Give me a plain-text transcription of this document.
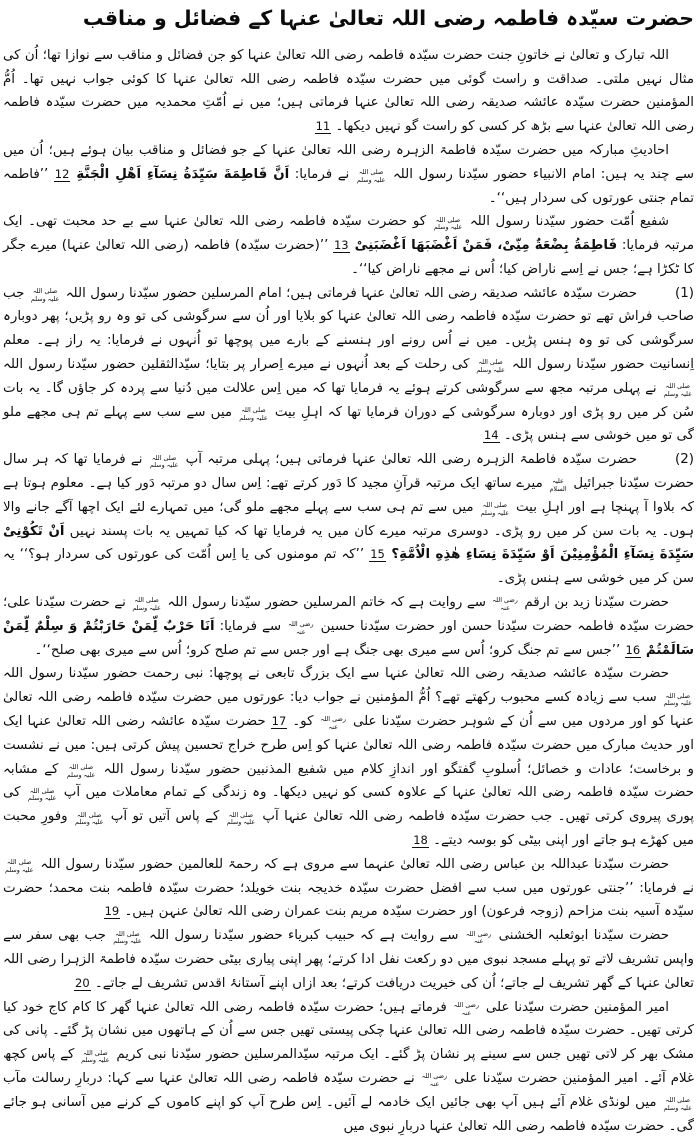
حضرت سیّدہ فاطمہ رضی اللہ تعالیٰ عنہا کے فضائل و مناقب

اللہ تبارک و تعالیٰ نے خاتونِ جنت حضرت سیّدہ فاطمہ رضی اللہ تعالیٰ عنہا کو جن فضائل و مناقب سے نوازا تھا؛ اُن کی مثال نہیں ملتی۔ صداقت و راست گوئی میں حضرت سیّدہ فاطمہ رضی اللہ تعالیٰ عنہا کا کوئی جواب نہیں تھا۔ اُمُّ المؤمنین حضرت سیّدہ عائشہ صدیقہ رضی اللہ تعالیٰ عنہا فرماتی ہیں؛ میں نے اُمّتِ محمدیہ میں حضرت سیّدہ فاطمہ رضی اللہ تعالیٰ عنہا سے بڑھ کر کسی کو راست گو نہیں دیکھا۔ 11

احادیثِ مبارکہ میں حضرت سیّدہ فاطمۃ الزہرہ رضی اللہ تعالیٰ عنہا کے جو فضائل و مناقب بیان ہوئے ہیں؛ اُن میں سے چند یہ ہیں: امام الانبیاء حضور سیّدنا رسول اللہ
صلی اللہ
علیہ وسلم
نے فرمایا: اَنَّ فَاطِمَةَ سَیِّدَةُ نِسَآءِ اَهْلِ الْجَنَّةِ 12 ’’فاطمہ تمام جنتی عورتوں کی سردار ہیں‘‘۔

شفیع اُمّت حضور سیّدنا رسول اللہ
صلی اللہ
علیہ وسلم
کو حضرت سیّدہ فاطمہ رضی اللہ تعالیٰ عنہا سے بے حد محبت تھی۔ ایک مرتبہ فرمایا: فَاطِمَةُ بِضْعَةٌ مِنِّیْ، فَمَنْ اَغْضَبَهَا اَغْضَبَنِیْ 13 ’’(حضرت سیّدہ) فاطمہ (رضی اللہ تعالیٰ عنہا) میرے جگر کا ٹکڑا ہے؛ جس نے اِسے ناراض کیا؛ اُس نے مجھے ناراض کیا‘‘۔

(1)حضرت سیّدہ عائشہ صدیقہ رضی اللہ تعالیٰ عنہا فرماتی ہیں؛ امام المرسلین حضور سیّدنا رسول اللہ
صلی اللہ
علیہ وسلم
جب صاحب فراش تھے تو حضرت سیّدہ فاطمہ رضی اللہ تعالیٰ عنہا کو بلایا اور اُن سے سرگوشی کی تو وہ رو پڑیں؛ پھر دوبارہ سرگوشی کی تو وہ ہنس پڑیں۔ میں نے اُس رونے اور ہنسنے کے بارے میں پوچھا تو اُنہوں نے فرمایا: یہ راز ہے۔ معلم اِنسانیت حضور سیّدنا رسول اللہ
صلی اللہ
علیہ وسلم
کی رحلت کے بعد اُنہوں نے میرے اِصرار پر بتایا؛ سیّدالثقلین حضور سیّدنا رسول اللہ
صلی اللہ
علیہ وسلم
نے پہلی مرتبہ مجھ سے سرگوشی کرتے ہوئے یہ فرمایا تھا کہ میں اِس علالت میں دُنیا سے پردہ کر جاؤں گا۔ یہ بات سُن کر میں رو پڑی اور دوبارہ سرگوشی کے دوران فرمایا تھا کہ اہلِ بیت
صلی اللہ
علیہ وسلم
میں سے سب سے پہلے تم ہی مجھے ملو گی تو میں خوشی سے ہنس پڑی۔ 14

(2)حضرت سیّدہ فاطمۃ الزہرہ رضی اللہ تعالیٰ عنہا فرماتی ہیں؛ پہلی مرتبہ آپ
صلی اللہ
علیہ وسلم
نے فرمایا تھا کہ ہر سال حضرت سیّدنا جبرائیل
علیہ
السلام
میرے ساتھ ایک مرتبہ قرآنِ مجید کا دَور کرتے تھے: اِس سال دو مرتبہ دَور کیا ہے۔ معلوم ہوتا ہے کہ بلاوا آ پہنچا ہے اور اہلِ بیت
صلی اللہ
علیہ وسلم
میں سے تم ہی سب سے پہلے مجھے ملو گی؛ میں تمہارے لئے ایک اچھا آگے جانے والا ہوں۔ یہ بات سن کر میں رو پڑی۔ دوسری مرتبہ میرے کان میں یہ فرمایا تھا کہ کیا تمہیں یہ بات پسند نہیں اَنْ تَكُوْنِیْ سَیِّدَةَ نِسَآءِ الْمُؤْمِنِیْنَ اَوْ سَیِّدَةَ نِسَاءِ هٰذِهِ الْاُمَّةِ؟ 15 ’’کہ تم مومنوں کی یا اِس اُمّت کی عورتوں کی سردار ہو؟‘‘ یہ سن کر میں خوشی سے ہنس پڑی۔

حضرت سیّدنا زید بن ارقم
رضی اللہ
عنہ
سے روایت ہے کہ خاتم المرسلین حضور سیّدنا رسول اللہ
صلی اللہ
علیہ وسلم
نے حضرت سیّدنا علی؛ حضرت سیّدہ فاطمہ حضرت سیّدنا حسن اور حضرت سیّدنا حسین
رضی اللہ
عنہ
سے فرمایا: اَنَا حَرْبٌ لِّمَنْ حَارَبْتُمْ وَ سِلْمٌ لِّمَنْ سَالَمْتُمْ 16 ’’جس سے تم جنگ کرو؛ اُس سے میری بھی جنگ ہے اور جس سے تم صلح کرو؛ اُس سے میری بھی صلح‘‘۔

حضرت سیّدہ عائشہ صدیقہ رضی اللہ تعالیٰ عنہا سے ایک بزرگ تابعی نے پوچھا: نبی رحمت حضور سیّدنا رسول اللہ
صلی اللہ
علیہ وسلم
سب سے زیادہ کسے محبوب رکھتے تھے؟ اُمُّ المؤمنین نے جواب دیا: عورتوں میں حضرت سیّدہ فاطمہ رضی اللہ تعالیٰ عنہا کو اور مردوں میں سے اُن کے شوہر حضرت سیّدنا علی
رضی اللہ
عنہ
کو۔ 17 حضرت سیّدہ عائشہ رضی اللہ تعالیٰ عنہا ایک اور حدیث مبارک میں حضرت سیّدہ فاطمہ رضی اللہ تعالیٰ عنہا کو اِس طرح خراج تحسین پیش کرتی ہیں: میں نے نشست و برخاست؛ عادات و خصائل؛ اُسلوبِ گفتگو اور اندازِ کلام میں شفیع المذنبین حضور سیّدنا رسول اللہ
صلی اللہ
علیہ وسلم
کے مشابہ حضرت سیّدہ فاطمہ رضی اللہ تعالیٰ عنہا کے علاوہ کسی کو نہیں دیکھا۔ وہ زندگی کے تمام معاملات میں آپ
صلی اللہ
علیہ وسلم
کی پوری پیروی کرتی تھیں۔ جب حضرت سیّدہ فاطمہ رضی اللہ تعالیٰ عنہا آپ
صلی اللہ
علیہ وسلم
کے پاس آتیں تو آپ
صلی اللہ
علیہ وسلم
وفورِ محبت میں کھڑے ہو جاتے اور اپنی بیٹی کو بوسہ دیتے۔ 18

حضرت سیّدنا عبداللہ بن عباس رضی اللہ تعالیٰ عنہما سے مروی ہے کہ رحمۃ للعالمین حضور سیّدنا رسول اللہ
صلی اللہ
علیہ وسلم
نے فرمایا: ’’جنتی عورتوں میں سب سے افضل حضرت سیّدہ خدیجہ بنت خویلد؛ حضرت سیّدہ فاطمہ بنت محمد؛ حضرت سیّدہ آسیہ بنت مزاحم (زوجہ فرعون) اور حضرت سیّدہ مریم بنت عمران رضی اللہ تعالیٰ عنہن ہیں۔ 19

حضرت سیّدنا ابوثعلبہ الخشنی
رضی اللہ
عنہ
سے روایت ہے کہ حبیب کبریاء حضور سیّدنا رسول اللہ
صلی اللہ
علیہ وسلم
جب بھی سفر سے واپس تشریف لاتے تو پہلے مسجد نبوی میں دو رکعت نفل ادا کرتے؛ پھر اپنی پیاری بیٹی حضرت سیّدہ فاطمۃ الزہرا رضی اللہ تعالیٰ عنہا کے گھر تشریف لے جاتے؛ اُن کی خیریت دریافت کرتے؛ بعد ازاں اپنے آستانۂ اقدس تشریف لے جاتے۔ 20

امیر المؤمنین حضرت سیّدنا علی
رضی اللہ
عنہ
فرماتے ہیں؛ حضرت سیّدہ فاطمہ رضی اللہ تعالیٰ عنہا گھر کا کام کاج خود کیا کرتی تھیں۔ حضرت سیّدہ فاطمہ رضی اللہ تعالیٰ عنہا چکی پیستی تھیں جس سے اُن کے ہاتھوں میں نشان پڑ گئے۔ پانی کی مشک بھر کر لاتی تھیں جس سے سینے پر نشان پڑ گئے۔ ایک مرتبہ سیّدالمرسلین حضور سیّدنا نبی کریم
صلی اللہ
علیہ وسلم
کے پاس کچھ غلام آئے۔ امیر المؤمنین حضرت سیّدنا علی
رضی اللہ
عنہ
نے حضرت سیّدہ فاطمہ رضی اللہ تعالیٰ عنہا سے کہا: دربارِ رسالت مآب
صلی اللہ
علیہ وسلم
میں لونڈی غلام آئے ہیں آپ بھی جائیں ایک خادمہ لے آئیں۔ اِس طرح آپ کو اپنے کاموں کے کرنے میں آسانی ہو جائے گی۔ حضرت سیّدہ فاطمہ رضی اللہ تعالیٰ عنہا دربارِ نبوی میں
